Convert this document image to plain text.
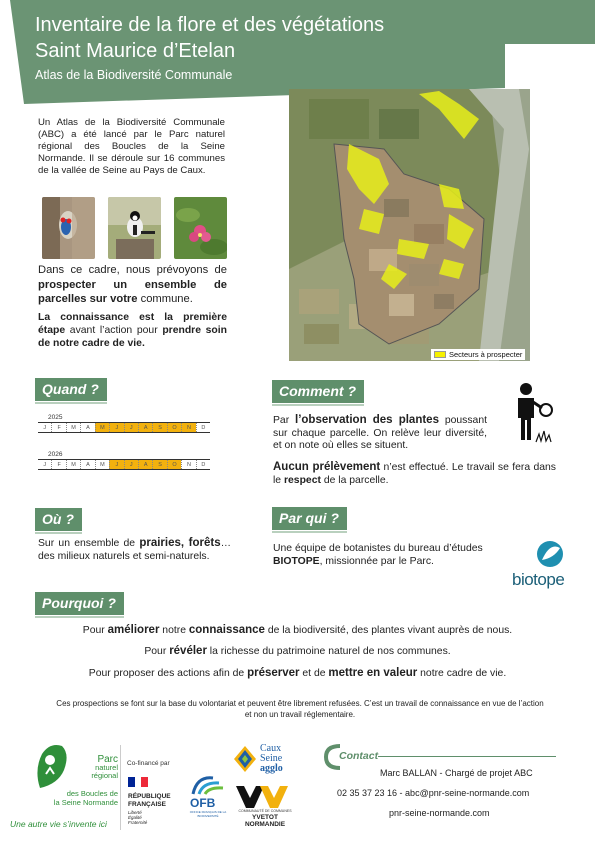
Inventaire de la flore et des végétations
Saint Maurice d’Etelan
Atlas de la Biodiversité Communale
Un Atlas de la Biodiversité Communale (ABC) a été lancé par le Parc naturel régional des Boucles de la Seine Normande. Il se déroule sur 16 communes de la vallée de Seine au Pays de Caux.
Dans ce cadre, nous prévoyons de prospecter un ensemble de parcelles sur votre commune.
La connaissance est la première étape avant l’action pour prendre soin de notre cadre de vie.
Secteurs à prospecter
Quand ?
2025
J	F	M	A	M	J	J	A	S	O	N	D
2026
J	F	M	A	M	J	J	A	S	O	N	D
Comment ?
Par l’observation des plantes poussant sur chaque parcelle. On relève leur diversité, et on note où elles se situent.
Aucun prélèvement n’est effectué. Le travail se fera dans le respect de la parcelle.
Où ?
Sur un ensemble de prairies, forêts… des milieux naturels et semi-naturels.
Par qui ?
Une équipe de botanistes du bureau d’études BIOTOPE, missionnée par le Parc.
biotope
Pourquoi ?
Pour améliorer notre connaissance de la biodiversité, des plantes vivant auprès de nous.
Pour révéler la richesse du patrimoine naturel de nos communes.
Pour proposer des actions afin de préserver et de mettre en valeur notre cadre de vie.
Ces prospections se font sur la base du volontariat et peuvent être librement refusées. C’est un travail de connaissance en vue de l’action et non un travail réglementaire.
Parc
naturel
régional
des Boucles de
la Seine Normande
Une autre vie s’invente ici
Co-financé par
RÉPUBLIQUE
FRANÇAISE
Liberté
Égalité
Fraternité
OFB
OFFICE FRANÇAIS DE LA BIODIVERSITÉ
Caux
Seine
agglo
COMMUNAUTÉ DE COMMUNES
YVETOT
NORMANDIE
Contact
Marc BALLAN - Chargé de projet ABC
02 35 37 23 16 - abc@pnr-seine-normande.com
pnr-seine-normande.com
